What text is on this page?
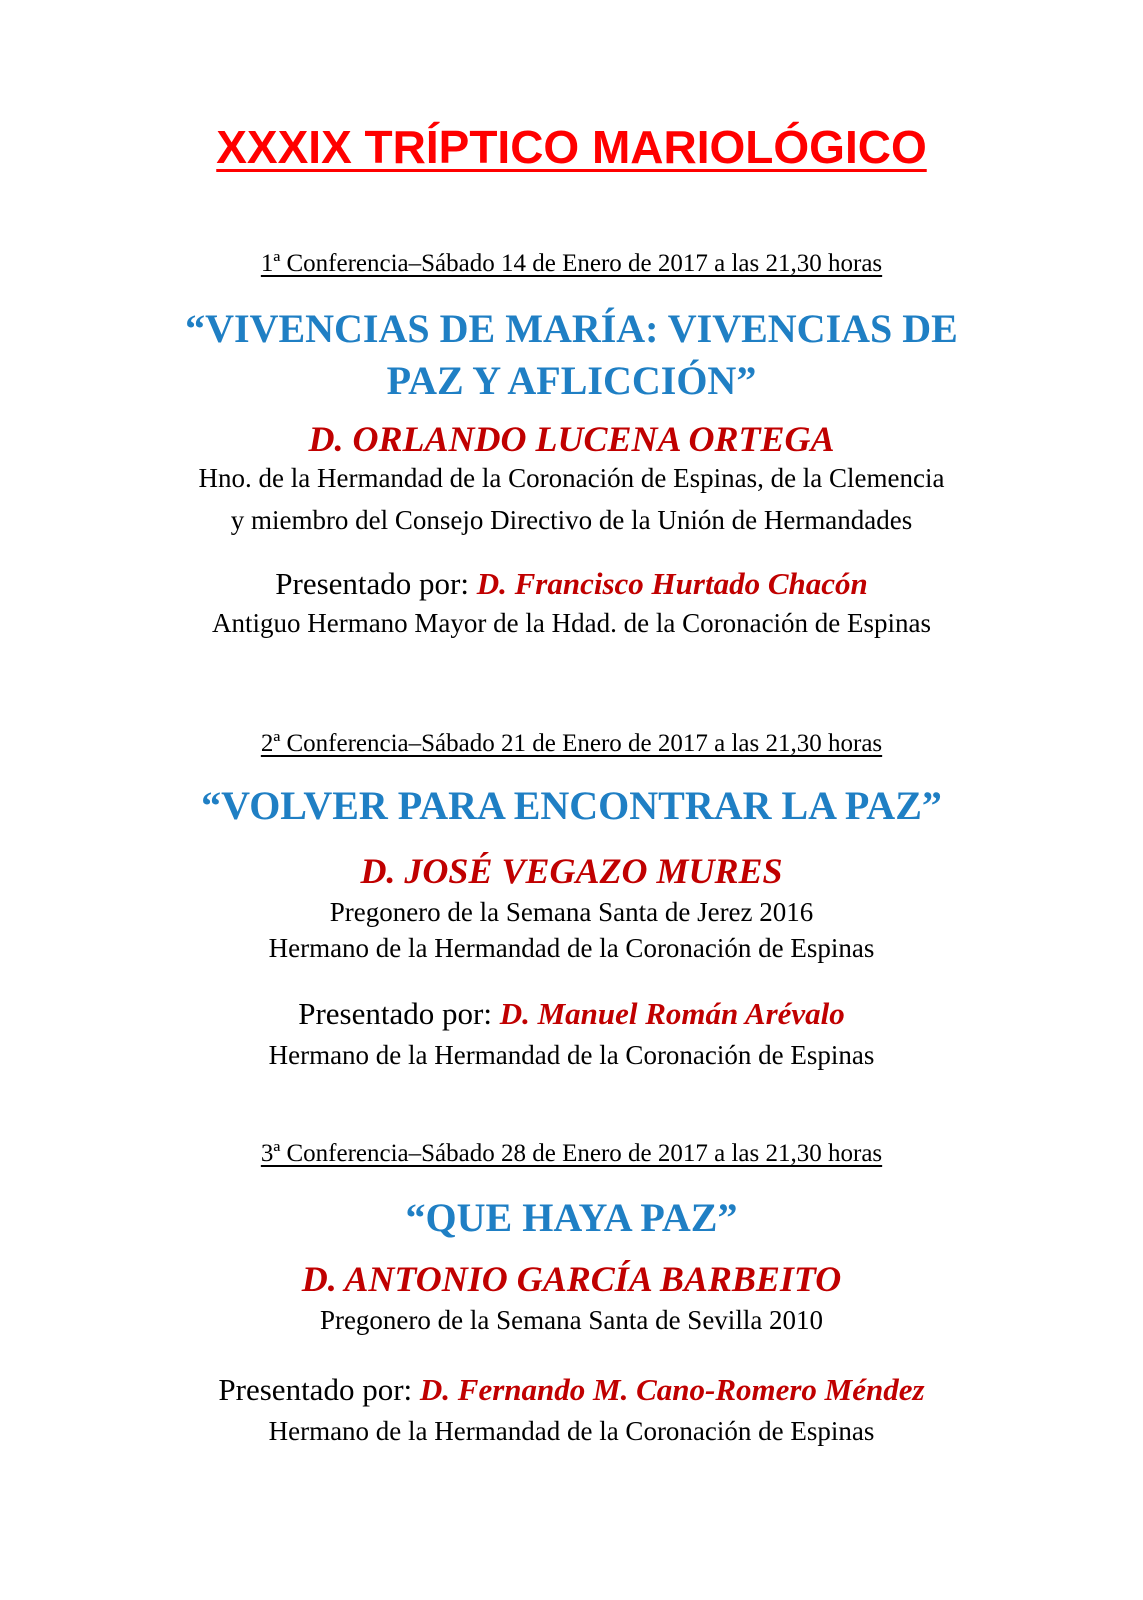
XXXIX TRÍPTICO MARIOLÓGICO
1ª Conferencia–Sábado 14 de Enero de 2017 a las 21,30 horas
“VIVENCIAS DE MARÍA: VIVENCIAS DE
PAZ Y AFLICCIÓN”
D. ORLANDO LUCENA ORTEGA
Hno. de la Hermandad de la Coronación de Espinas, de la Clemencia
y miembro del Consejo Directivo de la Unión de Hermandades
Presentado por: D. Francisco Hurtado Chacón
Antiguo Hermano Mayor de la Hdad. de la Coronación de Espinas
2ª Conferencia–Sábado 21 de Enero de 2017 a las 21,30 horas
“VOLVER PARA ENCONTRAR LA PAZ”
D. JOSÉ VEGAZO MURES
Pregonero de la Semana Santa de Jerez 2016
Hermano de la Hermandad de la Coronación de Espinas
Presentado por: D. Manuel Román Arévalo
Hermano de la Hermandad de la Coronación de Espinas
3ª Conferencia–Sábado 28 de Enero de 2017 a las 21,30 horas
“QUE HAYA PAZ”
D. ANTONIO GARCÍA BARBEITO
Pregonero de la Semana Santa de Sevilla 2010
Presentado por: D. Fernando M. Cano-Romero Méndez
Hermano de la Hermandad de la Coronación de Espinas
